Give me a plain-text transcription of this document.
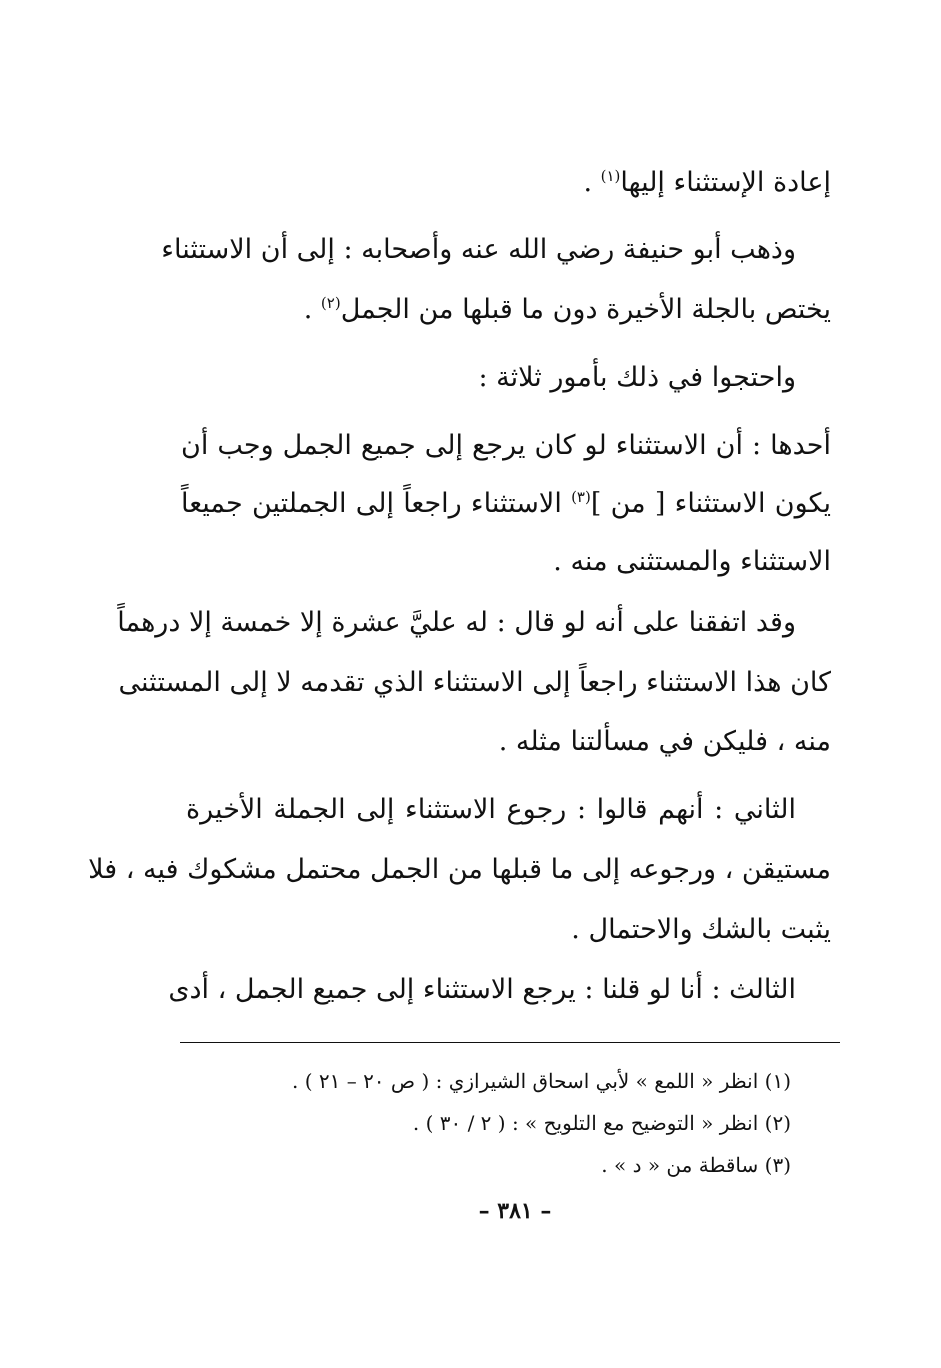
إعادة الإستثناء إليها$^{(١)}$ .
وذهب أبو حنيفة رضي الله عنه وأصحابه : إلى أن الاستثناء
يختص بالجلة الأخيرة دون ما قبلها من الجمل$^{(٢)}$ .
واحتجوا في ذلك بأمور ثلاثة :
أحدها : أن الاستثناء لو كان يرجع إلى جميع الجمل وجب أن
يكون الاستثناء [ من ]$^{(٣)}$ الاستثناء راجعاً إلى الجملتين جميعاً
الاستثناء والمستثنى منه .
وقد اتفقنا على أنه لو قال : له عليَّ عشرة إلا خمسة إلا درهماً
كان هذا الاستثناء راجعاً إلى الاستثناء الذي تقدمه لا إلى المستثنى
منه ، فليكن في مسألتنا مثله .
الثاني : أنهم قالوا : رجوع الاستثناء إلى الجملة الأخيرة
مستيقن ، ورجوعه إلى ما قبلها من الجمل محتمل مشكوك فيه ، فلا
يثبت بالشك والاحتمال .
الثالث : أنا لو قلنا : يرجع الاستثناء إلى جميع الجمل ، أدى
(١) انظر « اللمع » لأبي اسحاق الشيرازي : ( ص ٢٠ – ٢١ ) .
(٢) انظر « التوضيح مع التلويح » : ( ٢ / ٣٠ ) .
(٣) ساقطة من « د » .
– ٣٨١ –
